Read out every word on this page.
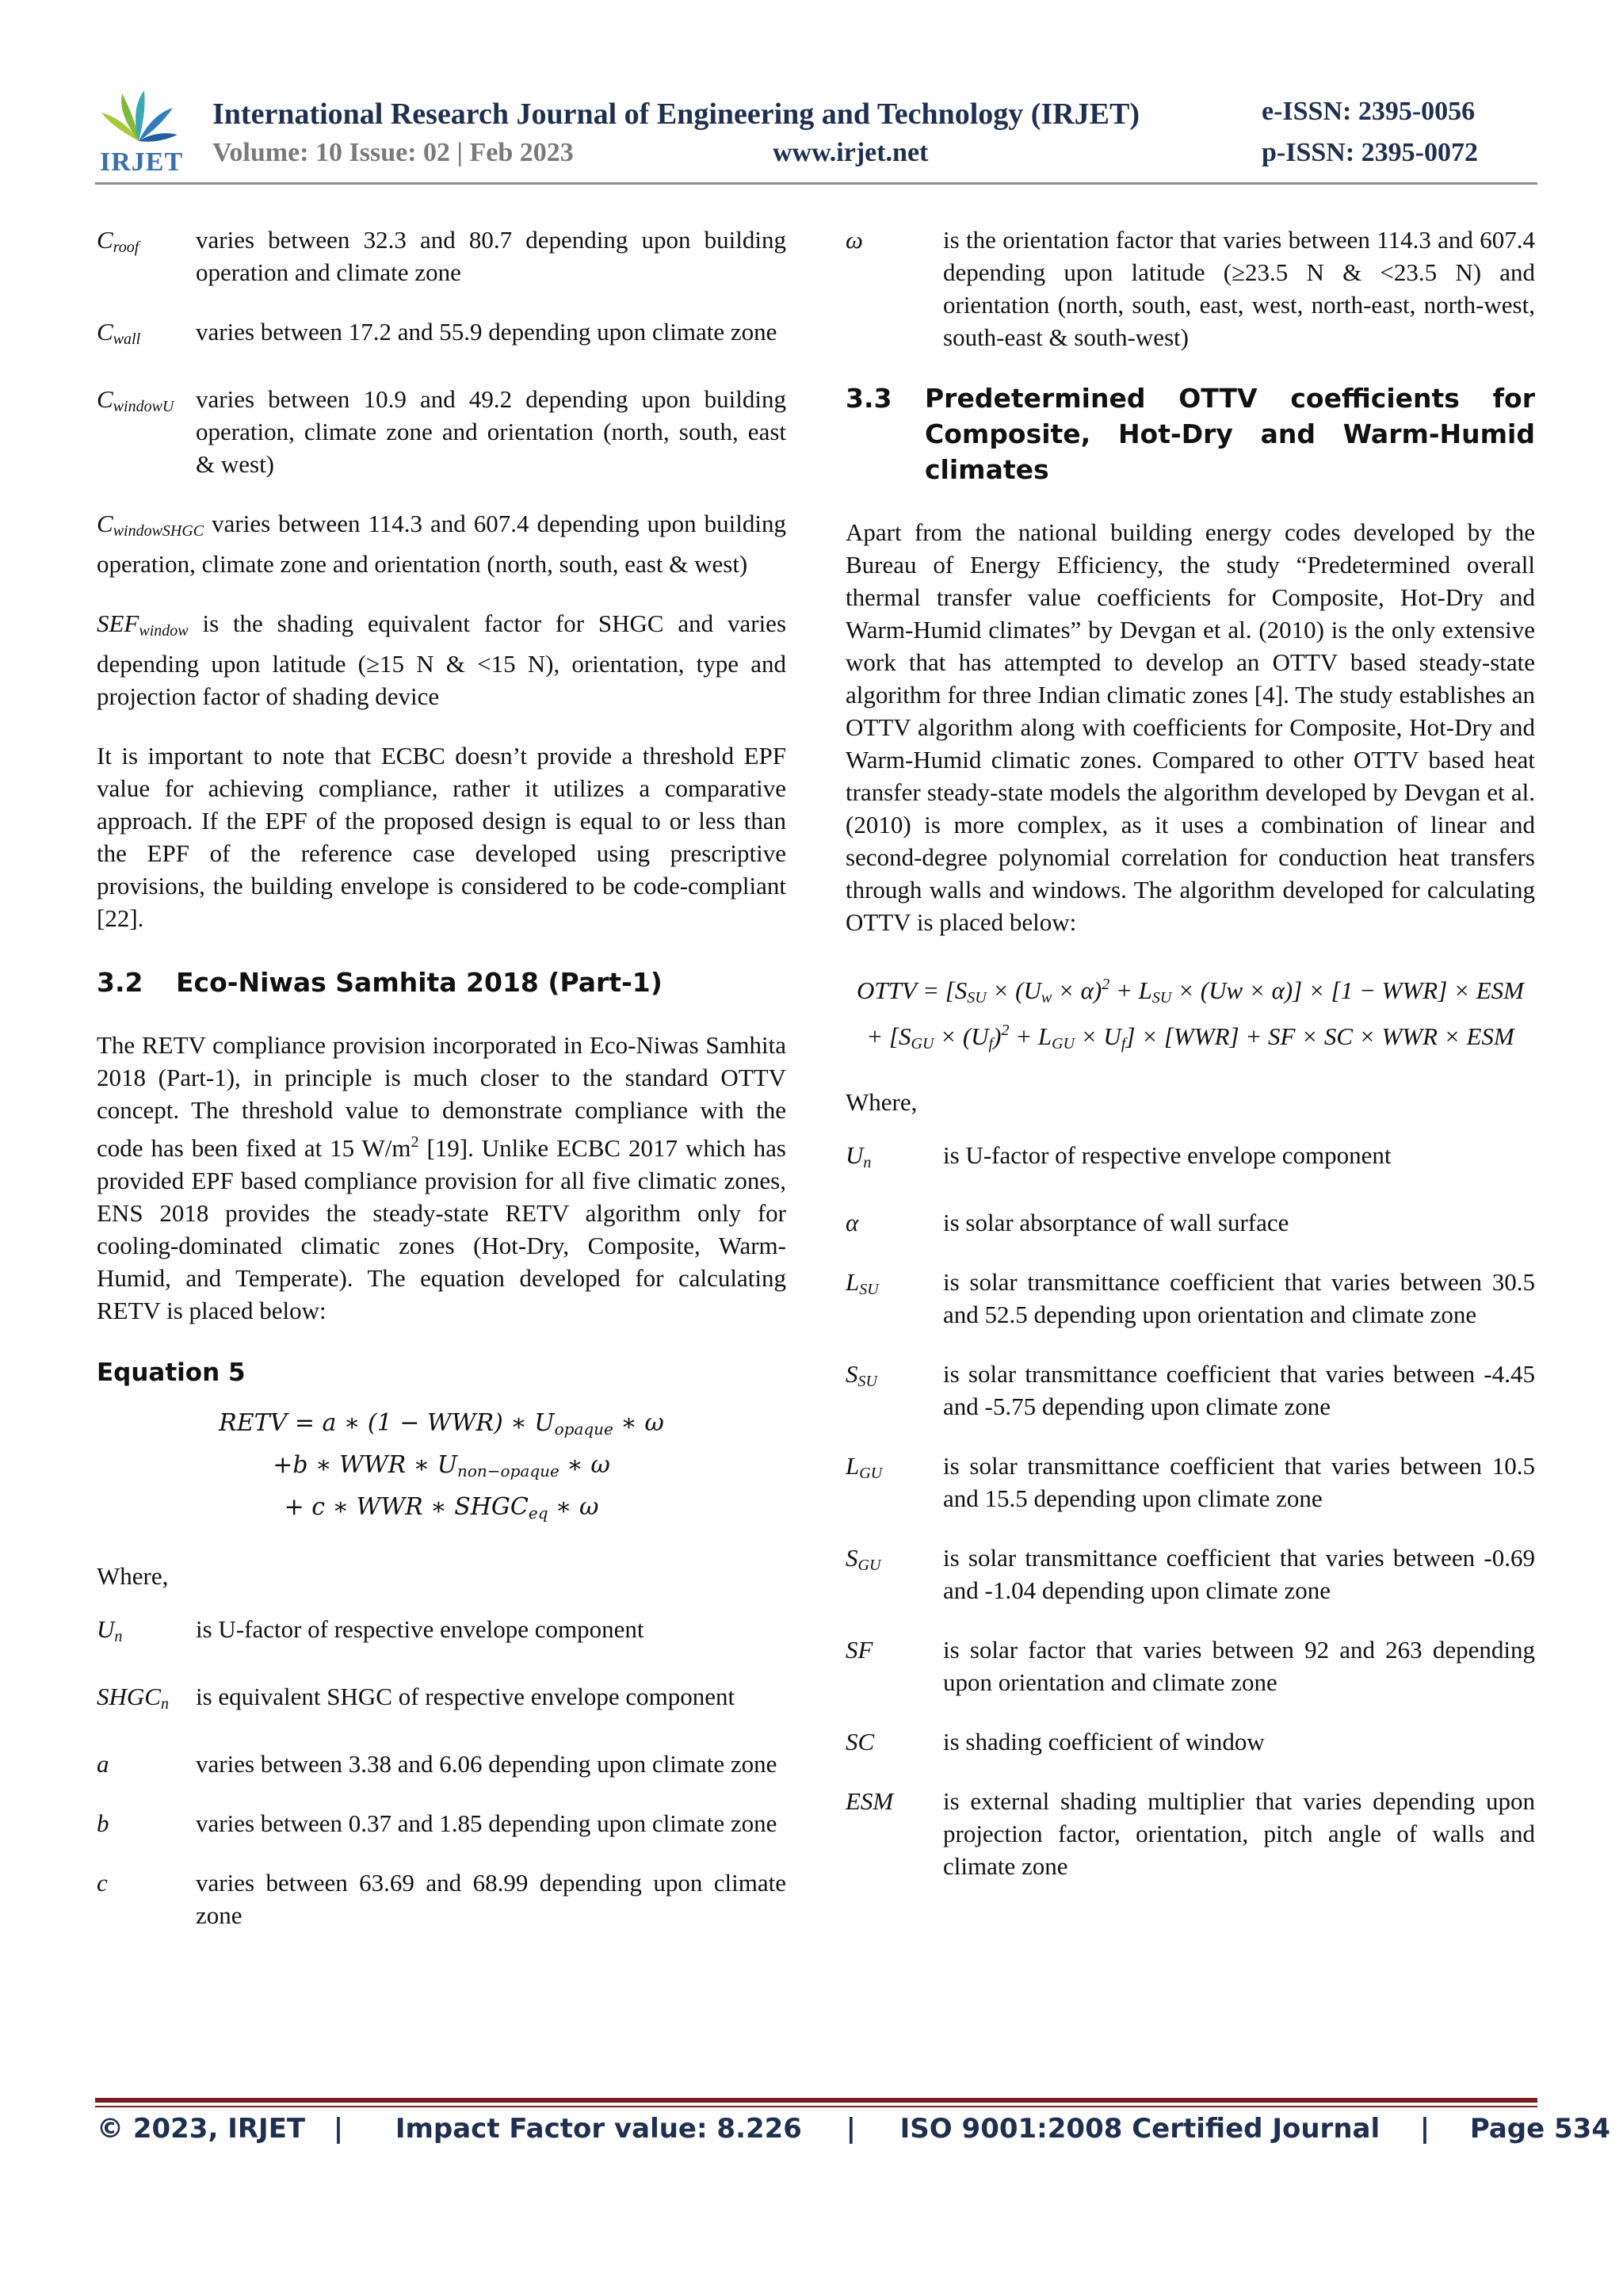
IRJET
International Research Journal of Engineering and Technology (IRJET)
Volume: 10 Issue: 02 | Feb 2023	www.irjet.net
e-ISSN: 2395-0056
p-ISSN: 2395-0072
$C_{roof}$	varies between 32.3 and 80.7 depending upon building operation and climate zone
$C_{wall}$	varies between 17.2 and 55.9 depending upon climate zone
$C_{windowU}$ varies between 10.9 and 49.2 depending upon building operation, climate zone and orientation (north, south, east & west)
$C_{windowSHGC}$ varies between 114.3 and 607.4 depending upon building operation, climate zone and orientation (north, south, east & west)
$SEF_{window}$ is the shading equivalent factor for SHGC and varies depending upon latitude (≥15 N & <15 N), orientation, type and projection factor of shading device

It is important to note that ECBC doesn’t provide a threshold EPF value for achieving compliance, rather it utilizes a comparative approach. If the EPF of the proposed design is equal to or less than the EPF of the reference case developed using prescriptive provisions, the building envelope is considered to be code-compliant [22].

3.2	Eco-Niwas Samhita 2018 (Part-1)

The RETV compliance provision incorporated in Eco-Niwas Samhita 2018 (Part-1), in principle is much closer to the standard OTTV concept. The threshold value to demonstrate compliance with the code has been fixed at 15 $W/m^2$ [19]. Unlike ECBC 2017 which has provided EPF based compliance provision for all five climatic zones, ENS 2018 provides the steady-state RETV algorithm only for cooling-dominated climatic zones (Hot-Dry, Composite, Warm-Humid, and Temperate). The equation developed for calculating RETV is placed below:

Equation 5
RETV = a ∗ (1 − WWR) ∗ $U_{opaque}$ ∗ ω
+b ∗ WWR ∗ $U_{non-opaque}$ ∗ ω
+ c ∗ WWR ∗ $SHGC_{eq}$ ∗ ω
Where,
$U_n$	is U-factor of respective envelope component
$SHGC_n$	is equivalent SHGC of respective envelope component
a	varies between 3.38 and 6.06 depending upon climate zone
b	varies between 0.37 and 1.85 depending upon climate zone
c	varies between 63.69 and 68.99 depending upon climate zone
ω	is the orientation factor that varies between 114.3 and 607.4 depending upon latitude (≥23.5 N & <23.5 N) and orientation (north, south, east, west, north-east, north-west, south-east & south-west)
3.3	Predetermined OTTV coefficients for Composite, Hot-Dry and Warm-Humid climates

Apart from the national building energy codes developed by the Bureau of Energy Efficiency, the study “Predetermined overall thermal transfer value coefficients for Composite, Hot-Dry and Warm-Humid climates” by Devgan et al. (2010) is the only extensive work that has attempted to develop an OTTV based steady-state algorithm for three Indian climatic zones [4]. The study establishes an OTTV algorithm along with coefficients for Composite, Hot-Dry and Warm-Humid climatic zones. Compared to other OTTV based heat transfer steady-state models the algorithm developed by Devgan et al. (2010) is more complex, as it uses a combination of linear and second-degree polynomial correlation for conduction heat transfers through walls and windows. The algorithm developed for calculating OTTV is placed below:

OTTV = $[S_{SU} \times (U_w \times \alpha)^2 + L_{SU} \times (Uw \times \alpha)] \times [1 - WWR]$ × ESM
+ $[S_{GU} \times (U_f)^2 + L_{GU} \times U_f] \times [WWR]$ + SF × SC × WWR × ESM
Where,
$U_n$	is U-factor of respective envelope component
α	is solar absorptance of wall surface
$L_{SU}$	is solar transmittance coefficient that varies between 30.5 and 52.5 depending upon orientation and climate zone
$S_{SU}$	is solar transmittance coefficient that varies between -4.45 and -5.75 depending upon climate zone
$L_{GU}$	is solar transmittance coefficient that varies between 10.5 and 15.5 depending upon climate zone
$S_{GU}$	is solar transmittance coefficient that varies between -0.69 and -1.04 depending upon climate zone
SF	is solar factor that varies between 92 and 263 depending upon orientation and climate zone
SC	is shading coefficient of window
ESM	is external shading multiplier that varies depending upon projection factor, orientation, pitch angle of walls and climate zone
© 2023, IRJET | Impact Factor value: 8.226 | ISO 9001:2008 Certified Journal | Page 534
